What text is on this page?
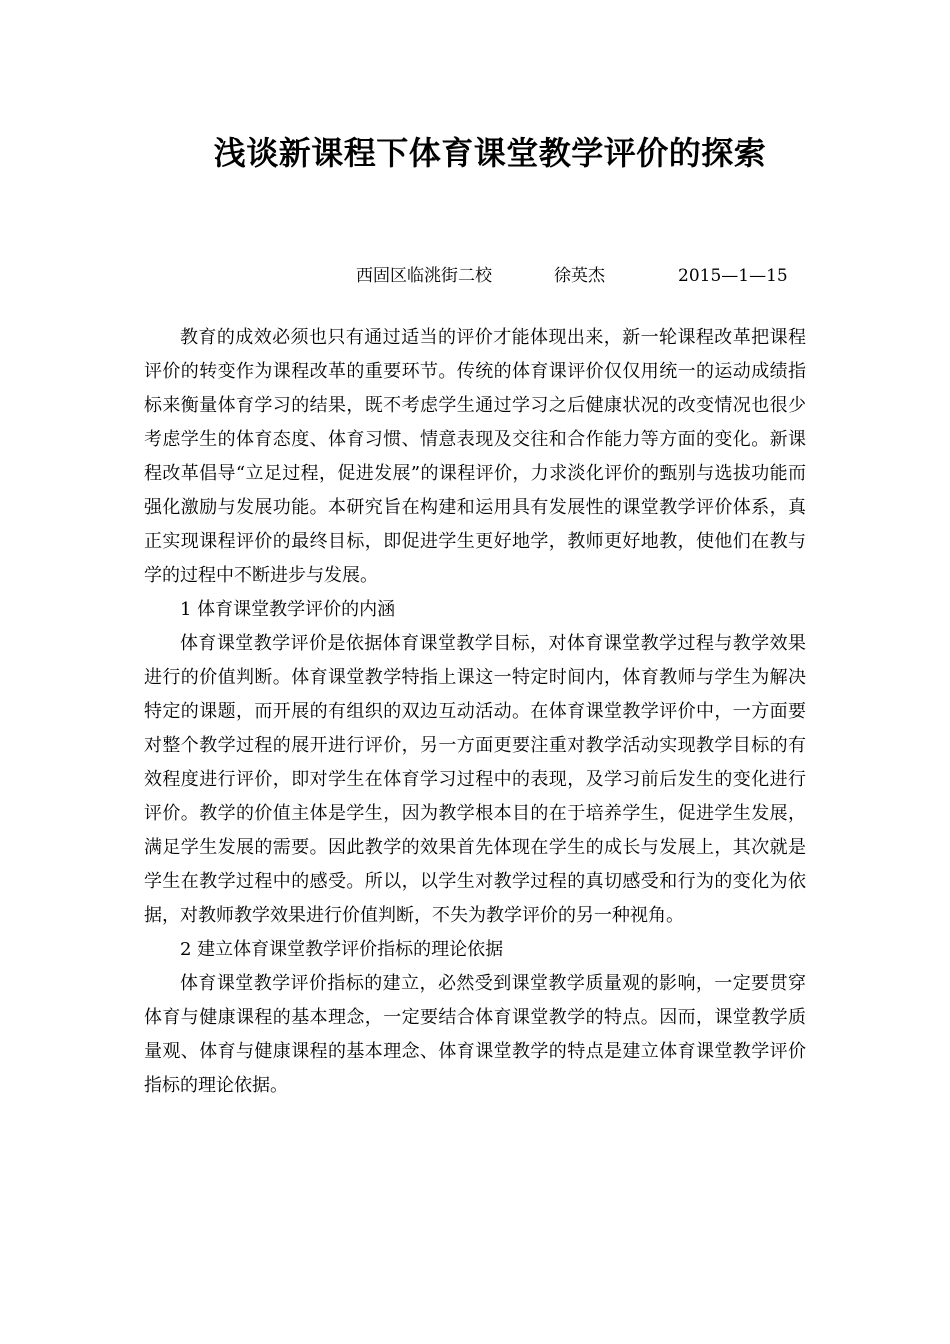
浅谈新课程下体育课堂教学评价的探索
西固区临洮街二校	徐英杰	2015—1—15

教育的成效必须也只有通过适当的评价才能体现出来，新一轮课程改革把课程评价的转变作为课程改革的重要环节。传统的体育课评价仅仅用统一的运动成绩指标来衡量体育学习的结果，既不考虑学生通过学习之后健康状况的改变情况也很少考虑学生的体育态度、体育习惯、情意表现及交往和合作能力等方面的变化。新课程改革倡导“立足过程，促进发展”的课程评价，力求淡化评价的甄别与选拔功能而强化激励与发展功能。本研究旨在构建和运用具有发展性的课堂教学评价体系，真正实现课程评价的最终目标，即促进学生更好地学，教师更好地教，使他们在教与学的过程中不断进步与发展。

1 体育课堂教学评价的内涵

体育课堂教学评价是依据体育课堂教学目标，对体育课堂教学过程与教学效果进行的价值判断。体育课堂教学特指上课这一特定时间内，体育教师与学生为解决特定的课题，而开展的有组织的双边互动活动。在体育课堂教学评价中，一方面要对整个教学过程的展开进行评价，另一方面更要注重对教学活动实现教学目标的有效程度进行评价，即对学生在体育学习过程中的表现，及学习前后发生的变化进行评价。教学的价值主体是学生，因为教学根本目的在于培养学生，促进学生发展，满足学生发展的需要。因此教学的效果首先体现在学生的成长与发展上，其次就是学生在教学过程中的感受。所以，以学生对教学过程的真切感受和行为的变化为依据，对教师教学效果进行价值判断，不失为教学评价的另一种视角。

2 建立体育课堂教学评价指标的理论依据

体育课堂教学评价指标的建立，必然受到课堂教学质量观的影响，一定要贯穿体育与健康课程的基本理念，一定要结合体育课堂教学的特点。因而，课堂教学质量观、体育与健康课程的基本理念、体育课堂教学的特点是建立体育课堂教学评价指标的理论依据。
